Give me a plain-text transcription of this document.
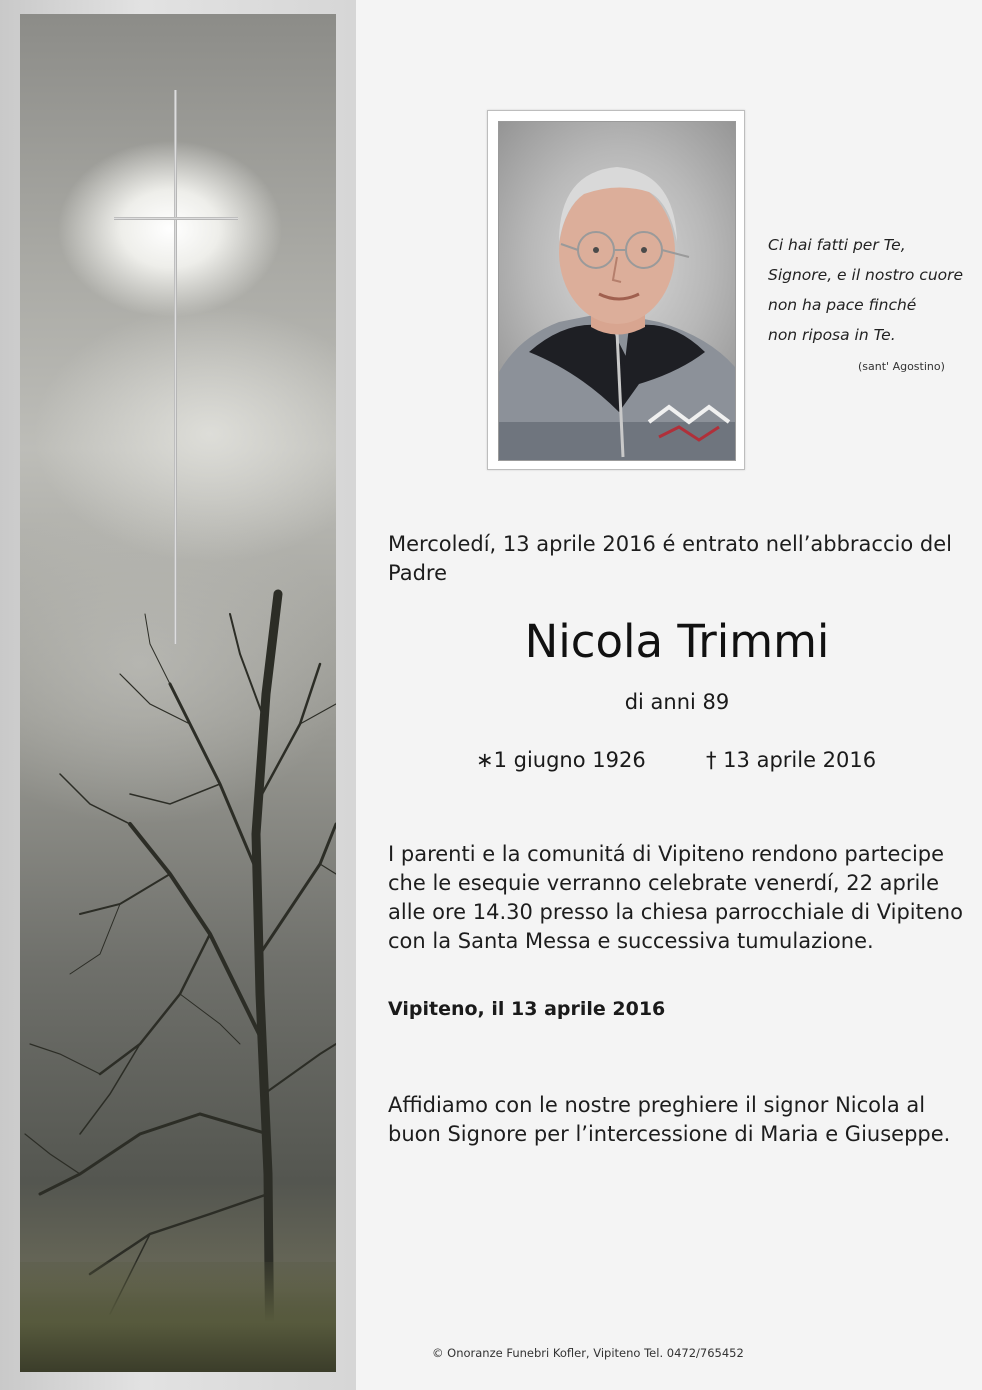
Ci hai fatti per Te,
Signore, e il nostro cuore
non ha pace finché
non riposa in Te.
(sant' Agostino)
Mercoledí, 13 aprile 2016 é entrato nell’abbraccio del Padre
Nicola Trimmi
di anni 89
∗1 giugno 1926	† 13 aprile 2016
I parenti e la comunitá di Vipiteno rendono partecipe che le esequie verranno celebrate venerdí, 22 aprile alle ore 14.30 presso la chiesa parrocchiale di Vipiteno con la Santa Messa e successiva tumulazione.
Vipiteno, il 13 aprile 2016
Affidiamo con le nostre preghiere il signor Nicola al buon Signore per l’intercessione di Maria e Giuseppe.
© Onoranze Funebri Kofler, Vipiteno Tel. 0472/765452
